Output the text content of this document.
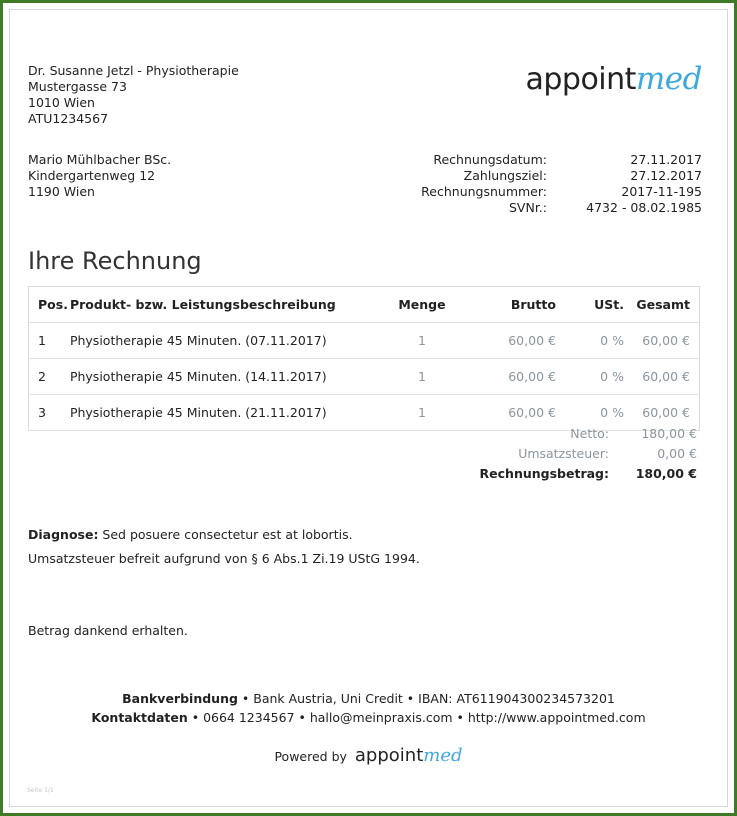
Dr. Susanne Jetzl - Physiotherapie
Mustergasse 73
1010 Wien
ATU1234567
appointmed
Mario Mühlbacher BSc.
Kindergartenweg 12
1190 Wien
Rechnungsdatum:	27.11.2017
Zahlungsziel:	27.12.2017
Rechnungsnummer:	2017-11-195
SVNr.:	4732 - 08.02.1985
Ihre Rechnung
Pos.	Produkt- bzw. Leistungsbeschreibung	Menge	Brutto	USt.	Gesamt
1	Physiotherapie 45 Minuten. (07.11.2017)	1	60,00 €	0 %	60,00 €
2	Physiotherapie 45 Minuten. (14.11.2017)	1	60,00 €	0 %	60,00 €
3	Physiotherapie 45 Minuten. (21.11.2017)	1	60,00 €	0 %	60,00 €
Netto:	180,00 €
Umsatzsteuer:	0,00 €
Rechnungsbetrag:	180,00 €
Diagnose: Sed posuere consectetur est at lobortis.
Umsatzsteuer befreit aufgrund von § 6 Abs.1 Zi.19 UStG 1994.
Betrag dankend erhalten.
Bankverbindung • Bank Austria, Uni Credit • IBAN: AT611904300234573201
Kontaktdaten • 0664 1234567 • hallo@meinpraxis.com • http://www.appointmed.com
Powered by appointmed
Seite 1/1
